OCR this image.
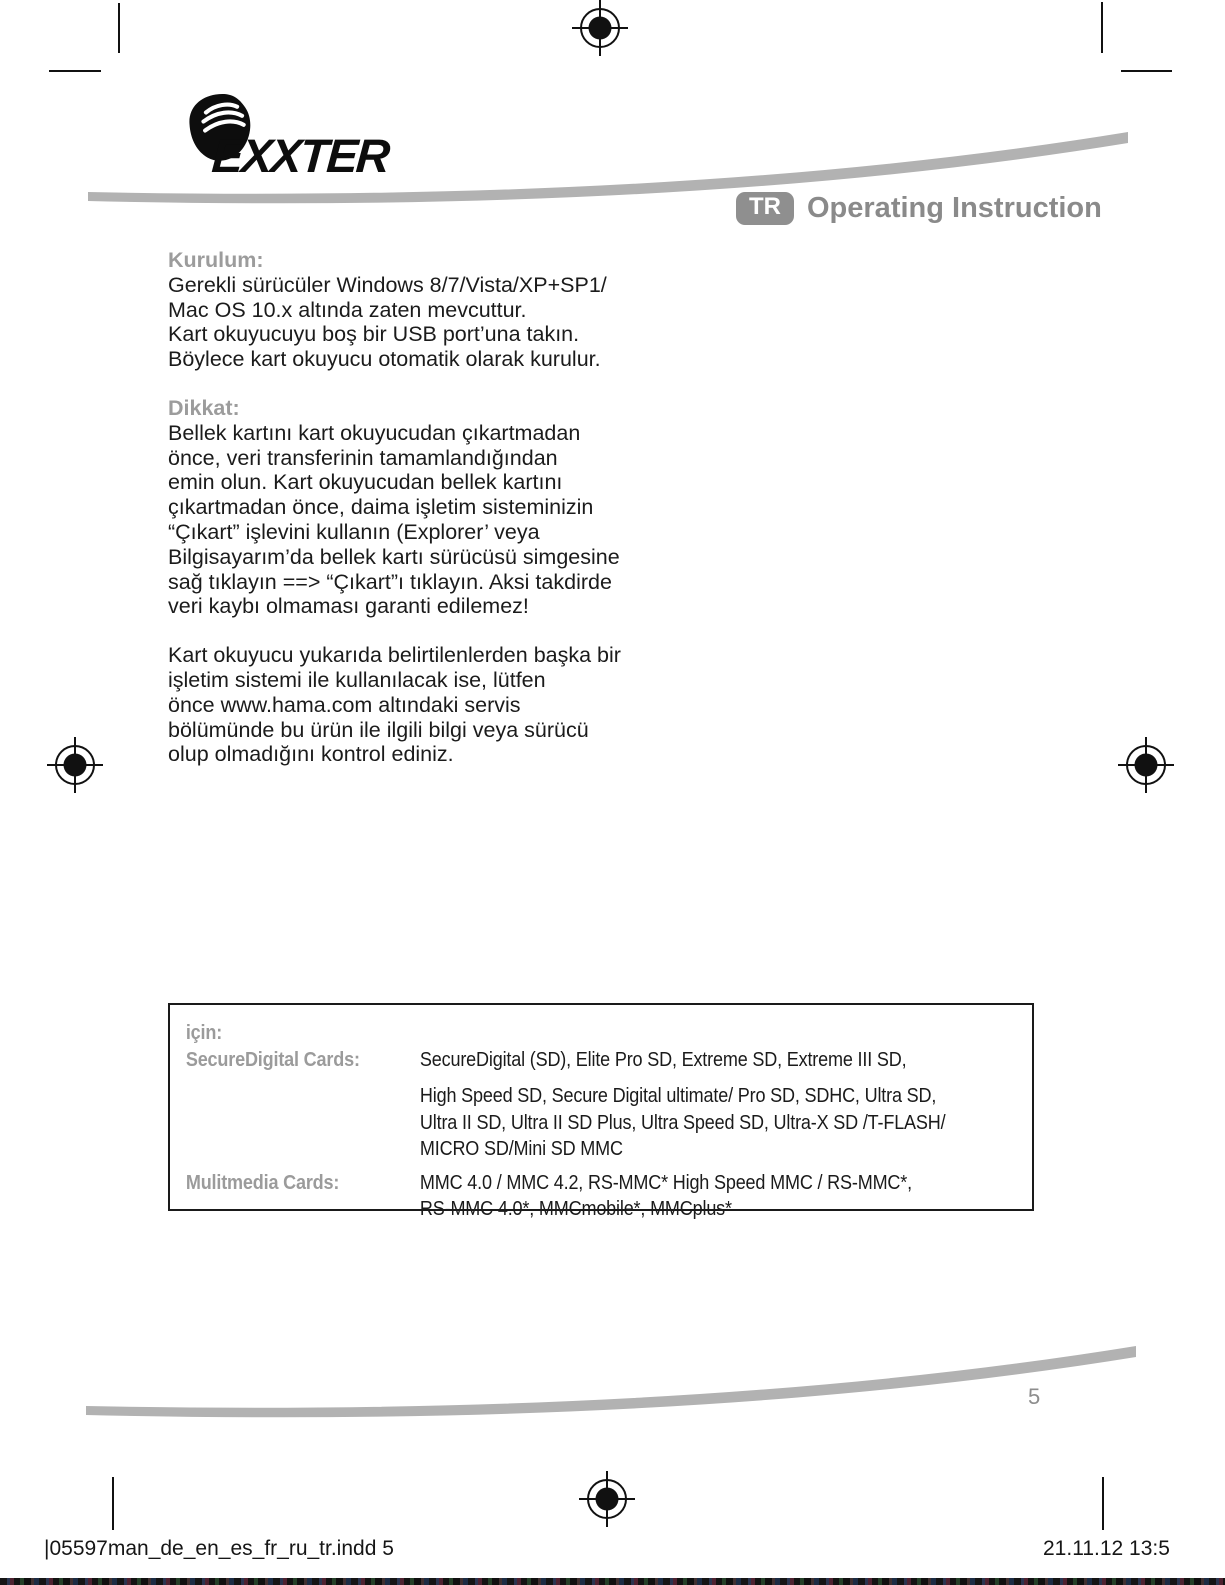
EXXTER
TR Operating Instruction
Kurulum:
Gerekli sürücüler Windows 8/7/Vista/XP+SP1/
Mac OS 10.x altında zaten mevcuttur.
Kart okuyucuyu boş bir USB port’una takın.
Böylece kart okuyucu otomatik olarak kurulur.
Dikkat:
Bellek kartını kart okuyucudan çıkartmadan
önce, veri transferinin tamamlandığından
emin olun. Kart okuyucudan bellek kartını
çıkartmadan önce, daima işletim sisteminizin
“Çıkart” işlevini kullanın (Explorer’ veya
Bilgisayarım’da bellek kartı sürücüsü simgesine
sağ tıklayın ==> “Çıkart”ı tıklayın. Aksi takdirde
veri kaybı olmaması garanti edilemez!
Kart okuyucu yukarıda belirtilenlerden başka bir
işletim sistemi ile kullanılacak ise, lütfen
önce www.hama.com altındaki servis
bölümünde bu ürün ile ilgili bilgi veya sürücü
olup olmadığını kontrol ediniz.
için:
SecureDigital Cards:	SecureDigital (SD), Elite Pro SD, Extreme SD, Extreme III SD,
High Speed SD, Secure Digital ultimate/ Pro SD, SDHC, Ultra SD,
Ultra II SD, Ultra II SD Plus, Ultra Speed SD, Ultra-X SD /T-FLASH/
MICRO SD/Mini SD MMC
Mulitmedia Cards:	MMC 4.0 / MMC 4.2, RS-MMC* High Speed MMC / RS-MMC*,
RS-MMC 4.0*, MMCmobile*, MMCplus*
5
|05597man_de_en_es_fr_ru_tr.indd 5	21.11.12 13:5
